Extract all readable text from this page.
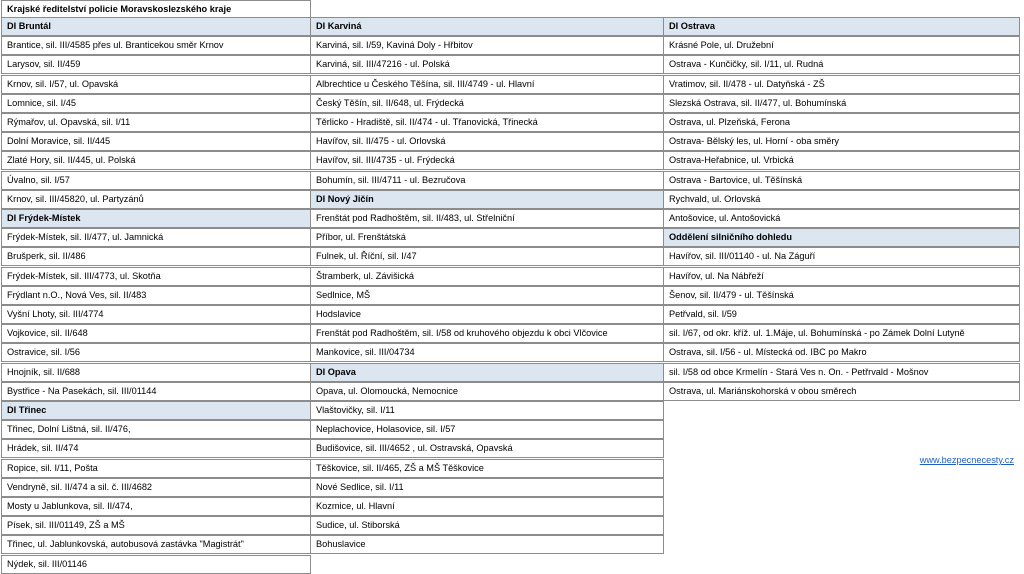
Krajské ředitelství policie Moravskoslezského kraje
DI Bruntál
Brantice, sil. III/4585 přes ul. Branticekou směr Krnov
Larysov, sil. II/459
Krnov, sil. I/57, ul. Opavská
Lomnice, sil. I/45
Rýmařov, ul. Opavská, sil. I/11
Dolní Moravice, sil. II/445
Zlaté Hory, sil. II/445, ul. Polská
Úvalno, sil. I/57
Krnov, sil. III/45820, ul. Partyzánů
DI Frýdek-Místek
Frýdek-Místek, sil. II/477, ul. Jamnická
Brušperk, sil. II/486
Frýdek-Místek, sil. III/4773, ul. Skotňa
Frýdlant n.O., Nová Ves, sil. II/483
Vyšní Lhoty, sil. III/4774
Vojkovice, sil. II/648
Ostravice, sil. I/56
Hnojník, sil. II/688
Bystřice - Na Pasekách, sil. III/01144
DI Třinec
Třinec, Dolní Lištná, sil. II/476,
Hrádek, sil. II/474
Ropice, sil. I/11, Pošta
Vendryně, sil. II/474 a sil. č. III/4682
Mosty u Jablunkova, sil. II/474,
Písek, sil. III/01149, ZŠ a MŠ
Třinec, ul. Jablunkovská, autobusová zastávka "Magistrát"
Nýdek, sil. III/01146
DI Karviná
Karviná, sil. I/59, Kaviná Doly - Hřbitov
Karviná, sil. III/47216 - ul. Polská
Albrechtice u Českého Těšína, sil. III/4749 - ul. Hlavní
Český Těšín, sil. II/648, ul. Frýdecká
Těrlicko - Hradiště, sil. II/474 - ul. Třanovická, Třinecká
Havířov, sil. II/475 - ul. Orlovská
Havířov, sil. III/4735 - ul. Frýdecká
Bohumín, sil. III/4711 - ul. Bezručova
DI Nový Jičín
Frenštát pod Radhoštěm, sil. II/483, ul. Střelniční
Příbor, ul. Frenštátská
Fulnek, ul. Říční, sil. I/47
Štramberk, ul. Závišická
Sedlnice, MŠ
Hodslavice
Frenštát pod Radhoštěm, sil. I/58 od kruhového objezdu k obci Vlčovice
Mankovice, sil. III/04734
DI Opava
Opava, ul. Olomoucká, Nemocnice
Vlaštovičky, sil. I/11
Neplachovice, Holasovice, sil. I/57
Budišovice, sil. III/4652 , ul. Ostravská, Opavská
Těškovice, sil. II/465, ZŠ a MŠ Těškovice
Nové Sedlice, sil. I/11
Kozmice, ul. Hlavní
Sudice, ul. Stiborská
Bohuslavice
DI Ostrava
Krásné Pole, ul. Družební
Ostrava - Kunčičky, sil. I/11, ul. Rudná
Vratimov, sil. II/478 - ul. Datyňská - ZŠ
Slezská Ostrava, sil. II/477, ul. Bohumínská
Ostrava, ul. Plzeňská, Ferona
Ostrava- Bělský les, ul. Horní - oba směry
Ostrava-Heřabnice, ul. Vrbická
Ostrava - Bartovice, ul. Těšínská
Rychvald, ul. Orlovská
Antošovice, ul. Antošovická
Oddělení silničního dohledu
Havířov, sil. III/01140 - ul. Na Záguří
Havířov, ul. Na Nábřeží
Šenov, sil. II/479 - ul. Těšínská
Petřvald, sil. I/59
sil. I/67, od okr. kříž. ul. 1.Máje, ul. Bohumínská - po Zámek Dolní Lutyně
Ostrava, sil. I/56 - ul. Místecká od. IBC po Makro
sil. I/58 od obce Krmelín - Stará Ves n. On. - Petřrvald - Mošnov
Ostrava, ul. Mariánskohorská v obou směrech
www.bezpecnecesty.cz
